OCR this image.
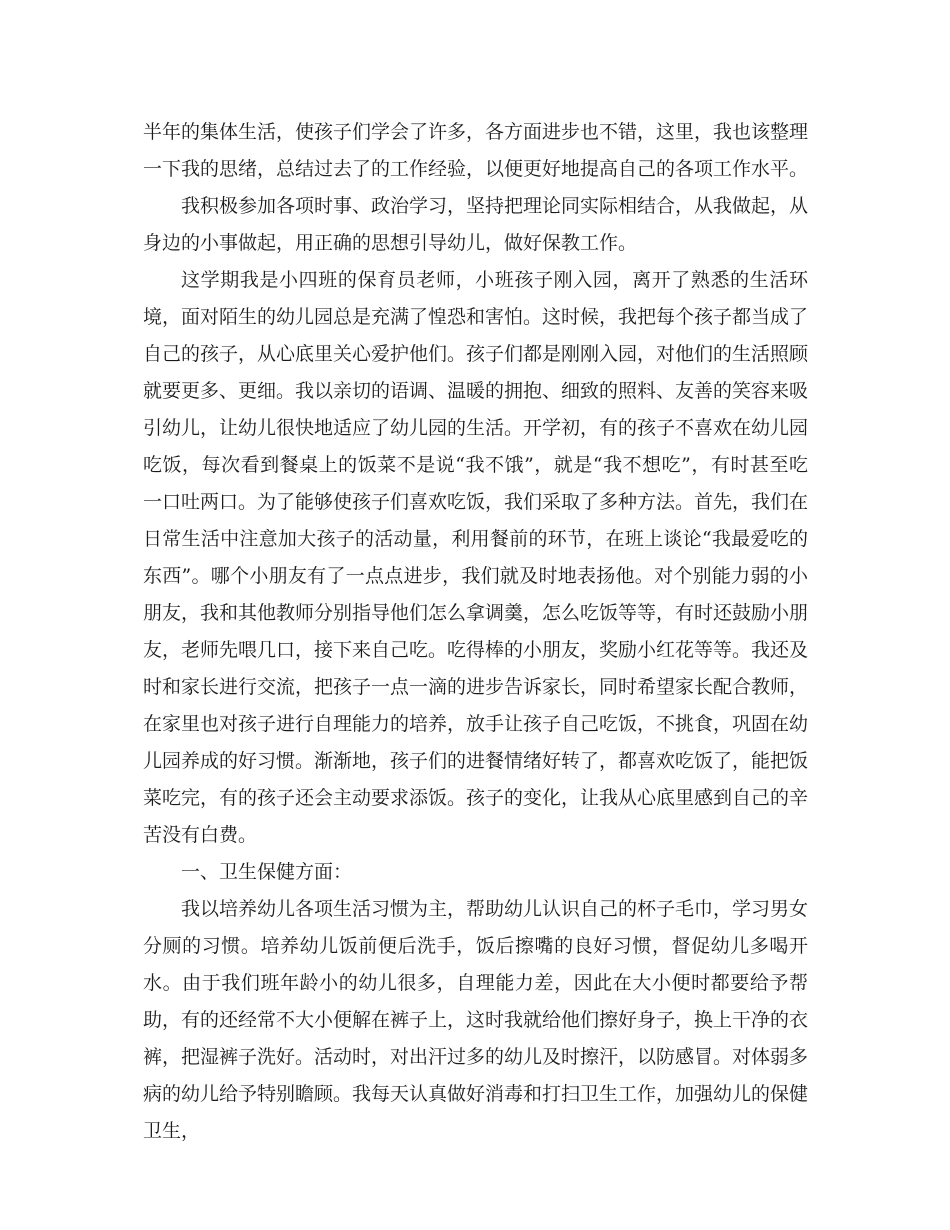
半年的集体生活，使孩子们学会了许多，各方面进步也不错，这里，我也该整理一下我的思绪，总结过去了的工作经验，以便更好地提高自己的各项工作水平。

我积极参加各项时事、政治学习，坚持把理论同实际相结合，从我做起，从身边的小事做起，用正确的思想引导幼儿，做好保教工作。

这学期我是小四班的保育员老师，小班孩子刚入园，离开了熟悉的生活环境，面对陌生的幼儿园总是充满了惶恐和害怕。这时候，我把每个孩子都当成了自己的孩子，从心底里关心爱护他们。孩子们都是刚刚入园，对他们的生活照顾就要更多、更细。我以亲切的语调、温暖的拥抱、细致的照料、友善的笑容来吸引幼儿，让幼儿很快地适应了幼儿园的生活。开学初，有的孩子不喜欢在幼儿园吃饭，每次看到餐桌上的饭菜不是说“我不饿”，就是“我不想吃”，有时甚至吃一口吐两口。为了能够使孩子们喜欢吃饭，我们采取了多种方法。首先，我们在日常生活中注意加大孩子的活动量，利用餐前的环节，在班上谈论“我最爱吃的东西”。哪个小朋友有了一点点进步，我们就及时地表扬他。对个别能力弱的小朋友，我和其他教师分别指导他们怎么拿调羹，怎么吃饭等等，有时还鼓励小朋友，老师先喂几口，接下来自己吃。吃得棒的小朋友，奖励小红花等等。我还及时和家长进行交流，把孩子一点一滴的进步告诉家长，同时希望家长配合教师，在家里也对孩子进行自理能力的培养，放手让孩子自己吃饭，不挑食，巩固在幼儿园养成的好习惯。渐渐地，孩子们的进餐情绪好转了，都喜欢吃饭了，能把饭菜吃完，有的孩子还会主动要求添饭。孩子的变化，让我从心底里感到自己的辛苦没有白费。

一、卫生保健方面：

我以培养幼儿各项生活习惯为主，帮助幼儿认识自己的杯子毛巾，学习男女分厕的习惯。培养幼儿饭前便后洗手，饭后擦嘴的良好习惯，督促幼儿多喝开水。由于我们班年龄小的幼儿很多，自理能力差，因此在大小便时都要给予帮助，有的还经常不大小便解在裤子上，这时我就给他们擦好身子，换上干净的衣裤，把湿裤子洗好。活动时，对出汗过多的幼儿及时擦汗，以防感冒。对体弱多病的幼儿给予特别瞻顾。我每天认真做好消毒和打扫卫生工作，加强幼儿的保健卫生，
